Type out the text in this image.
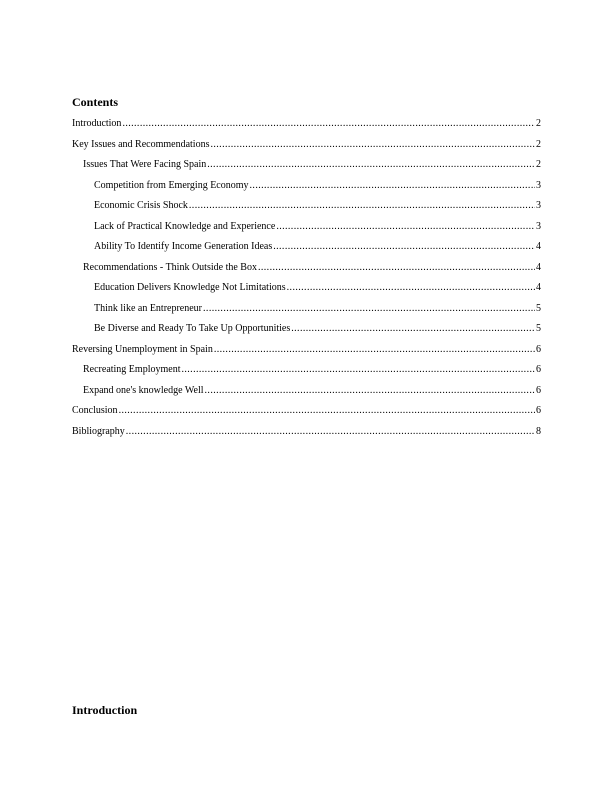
Contents
Introduction .....	2
Key Issues and Recommendations .....	2
Issues That Were Facing Spain .....	2
Competition from Emerging Economy .....	3
Economic Crisis Shock .....	3
Lack of Practical Knowledge and Experience .....	3
Ability To Identify Income Generation Ideas .....	4
Recommendations - Think Outside the Box .....	4
Education Delivers Knowledge Not Limitations .....	4
Think like an Entrepreneur .....	5
Be Diverse and Ready To Take Up Opportunities .....	5
Reversing Unemployment in Spain .....	6
Recreating Employment .....	6
Expand one's knowledge Well .....	6
Conclusion .....	6
Bibliography .....	8
Introduction
